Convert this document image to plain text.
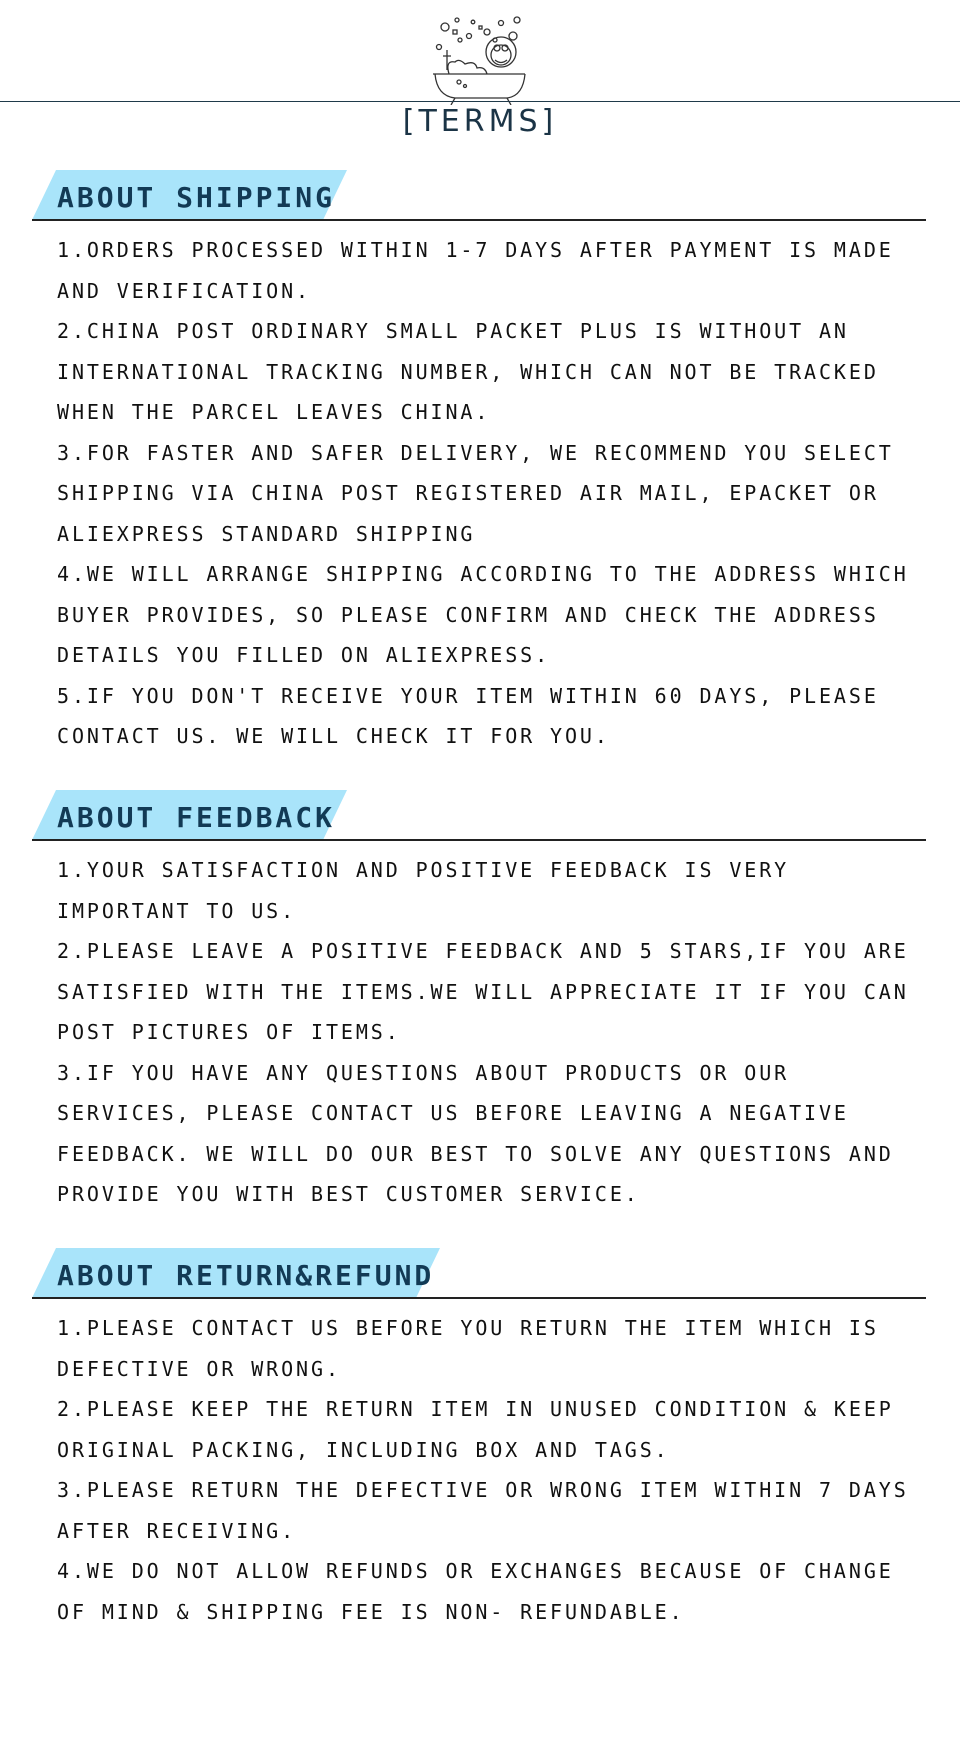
[TERMS]
ABOUT SHIPPING

1.ORDERS PROCESSED WITHIN 1-7 DAYS AFTER PAYMENT IS MADE AND VERIFICATION.

2.CHINA POST ORDINARY SMALL PACKET PLUS IS WITHOUT AN INTERNATIONAL TRACKING NUMBER, WHICH CAN NOT BE TRACKED WHEN THE PARCEL LEAVES CHINA.

3.FOR FASTER AND SAFER DELIVERY, WE RECOMMEND YOU SELECT SHIPPING VIA CHINA POST REGISTERED AIR MAIL, EPACKET OR ALIEXPRESS STANDARD SHIPPING

4.WE WILL ARRANGE SHIPPING ACCORDING TO THE ADDRESS WHICH BUYER PROVIDES, SO PLEASE CONFIRM AND CHECK THE ADDRESS DETAILS YOU FILLED ON ALIEXPRESS.

5.IF YOU DON'T RECEIVE YOUR ITEM WITHIN 60 DAYS, PLEASE CONTACT US. WE WILL CHECK IT FOR YOU.

ABOUT FEEDBACK

1.YOUR SATISFACTION AND POSITIVE FEEDBACK IS VERY IMPORTANT TO US.

2.PLEASE LEAVE A POSITIVE FEEDBACK AND 5 STARS,IF YOU ARE SATISFIED WITH THE ITEMS.WE WILL APPRECIATE IT IF YOU CAN POST PICTURES OF ITEMS.

3.IF YOU HAVE ANY QUESTIONS ABOUT PRODUCTS OR OUR SERVICES, PLEASE CONTACT US BEFORE LEAVING A NEGATIVE FEEDBACK. WE WILL DO OUR BEST TO SOLVE ANY QUESTIONS AND PROVIDE YOU WITH BEST CUSTOMER SERVICE.

ABOUT RETURN&REFUND

1.PLEASE CONTACT US BEFORE YOU RETURN THE ITEM WHICH IS DEFECTIVE OR WRONG.

2.PLEASE KEEP THE RETURN ITEM IN UNUSED CONDITION & KEEP ORIGINAL PACKING, INCLUDING BOX AND TAGS.

3.PLEASE RETURN THE DEFECTIVE OR WRONG ITEM WITHIN 7 DAYS AFTER RECEIVING.

4.WE DO NOT ALLOW REFUNDS OR EXCHANGES BECAUSE OF CHANGE OF MIND & SHIPPING FEE IS NON- REFUNDABLE.
